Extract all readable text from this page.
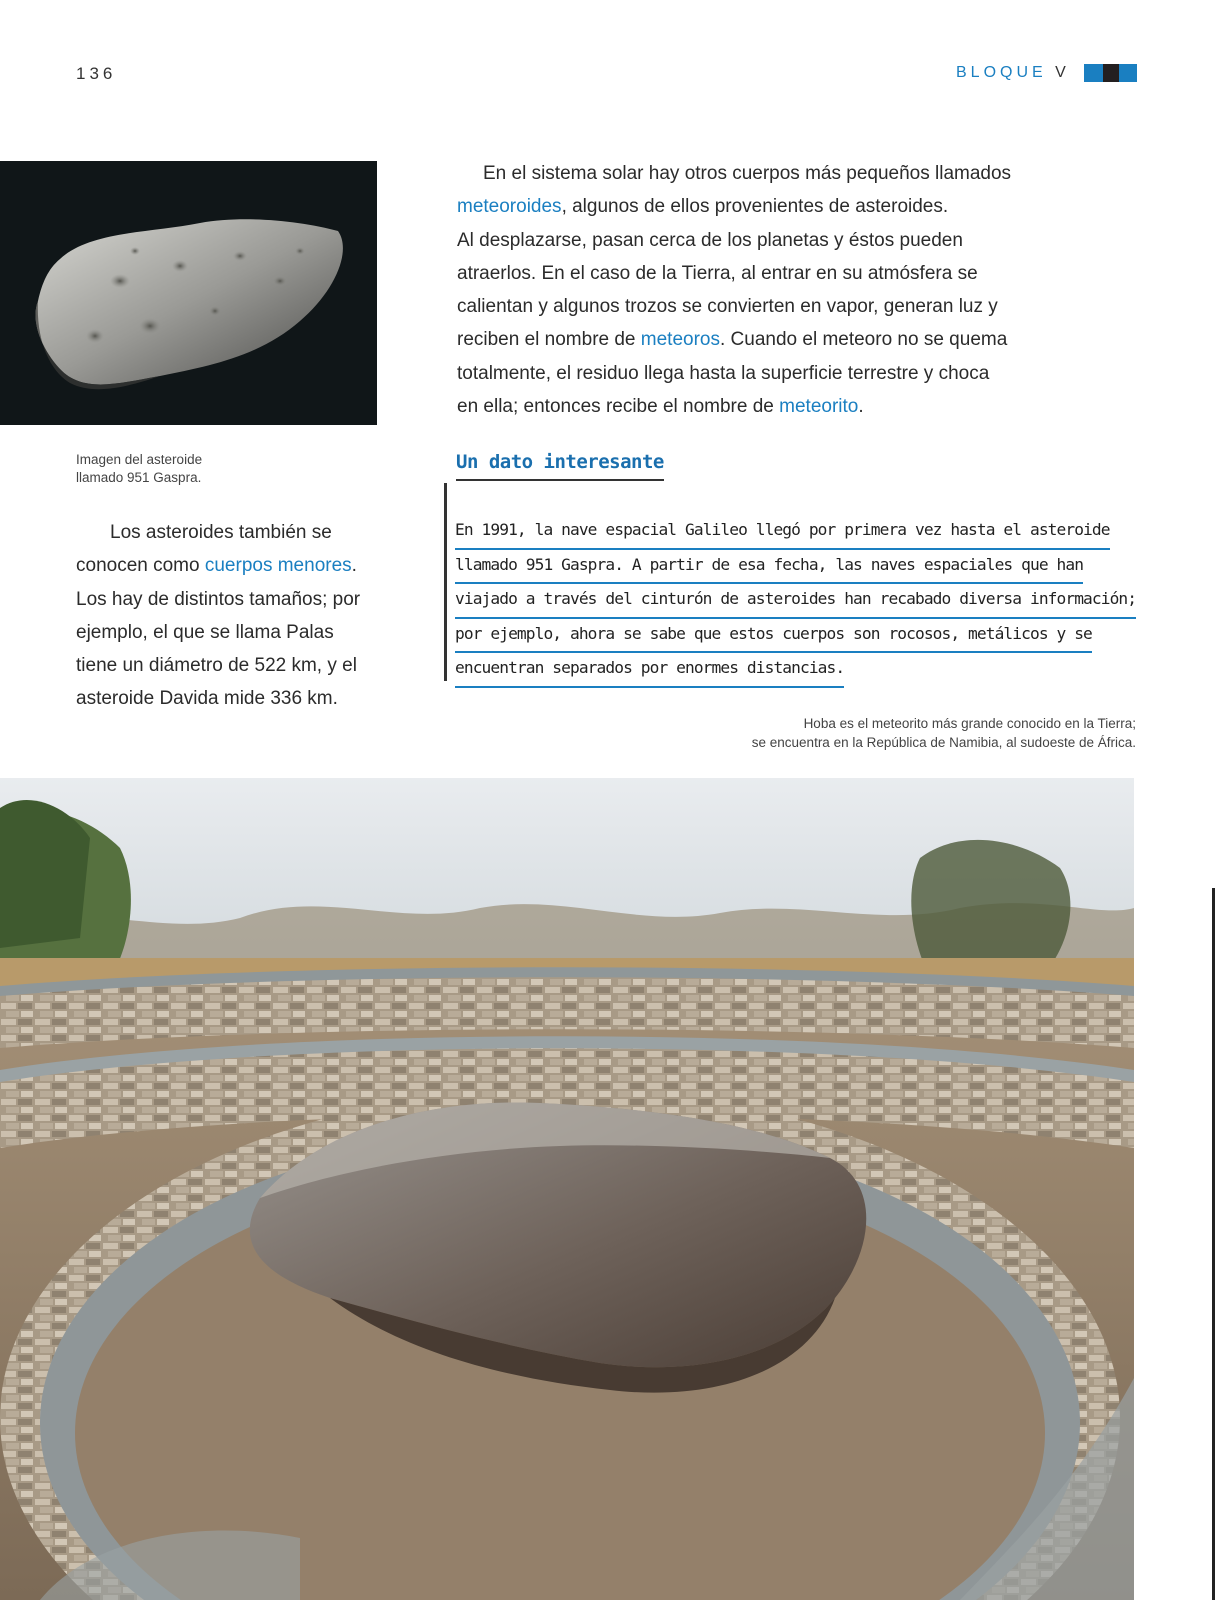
136	BLOQUE V
Imagen del asteroide
llamado 951 Gaspra.

En el sistema solar hay otros cuerpos más pequeños llamados

meteoroides, algunos de ellos provenientes de asteroides.

Al desplazarse, pasan cerca de los planetas y éstos pueden

atraerlos. En el caso de la Tierra, al entrar en su atmósfera se

calientan y algunos trozos se convierten en vapor, generan luz y

reciben el nombre de meteoros. Cuando el meteoro no se quema

totalmente, el residuo llega hasta la superficie terrestre y choca

en ella; entonces recibe el nombre de meteorito.

Los asteroides también se

conocen como cuerpos menores.

Los hay de distintos tamaños; por

ejemplo, el que se llama Palas

tiene un diámetro de 522 km, y el

asteroide Davida mide 336 km.

Un dato interesante
En 1991, la nave espacial Galileo llegó por primera vez hasta el asteroide
llamado 951 Gaspra. A partir de esa fecha, las naves espaciales que han
viajado a través del cinturón de asteroides han recabado diversa información;
por ejemplo, ahora se sabe que estos cuerpos son rocosos, metálicos y se
encuentran separados por enormes distancias.
Hoba es el meteorito más grande conocido en la Tierra;
se encuentra en la República de Namibia, al sudoeste de África.
